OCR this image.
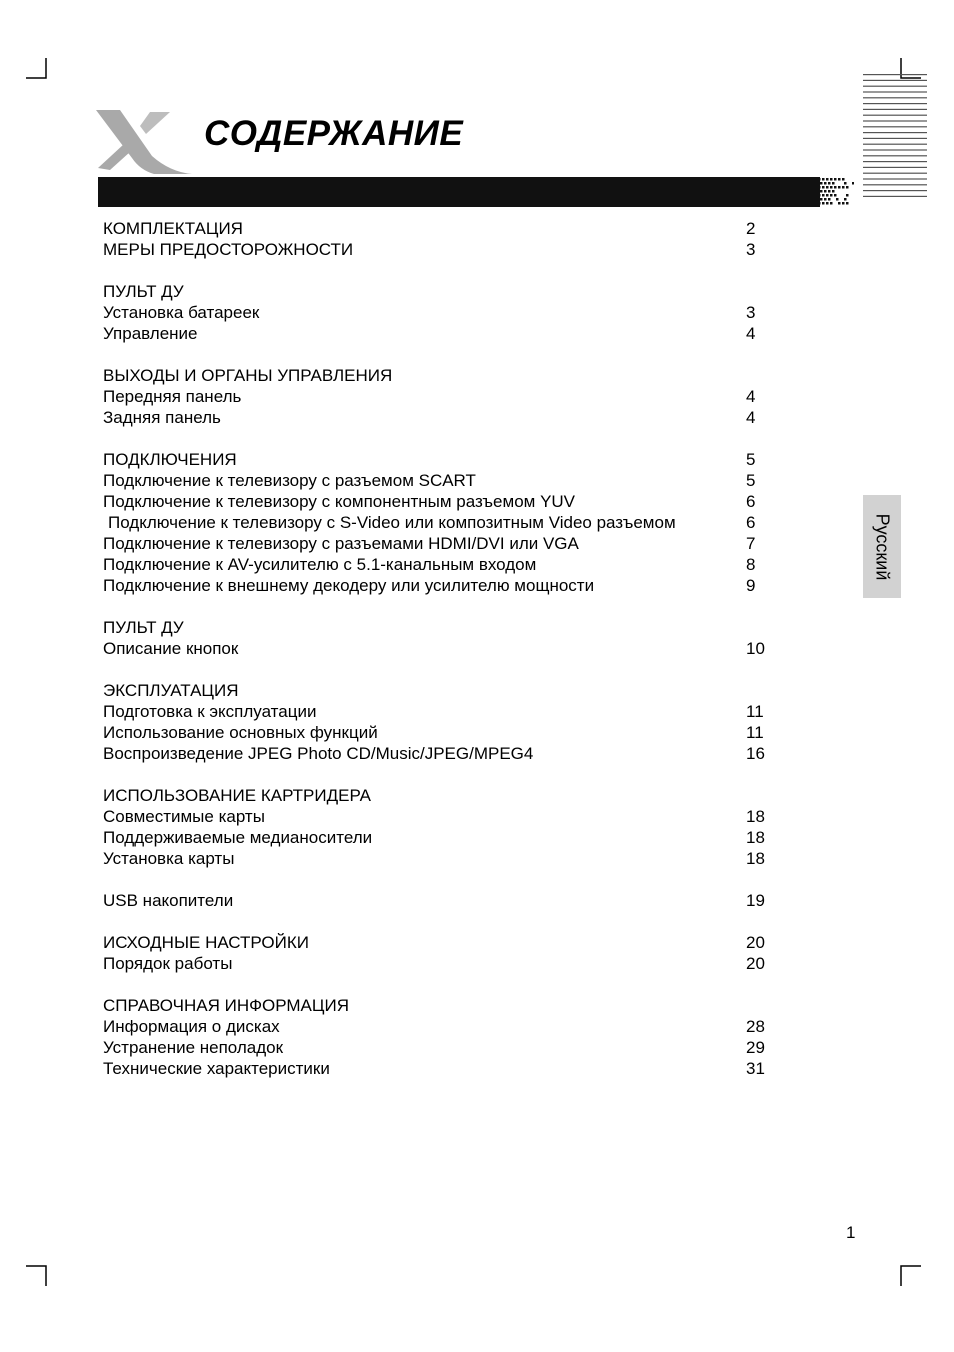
СОДЕРЖАНИЕ
Русский
КОМПЛЕКТАЦИЯ	2
МЕРЫ ПРЕДОСТОРОЖНОСТИ	3
ПУЛЬТ ДУ
Установка батареек	3
Управление	4
ВЫХОДЫ И ОРГАНЫ УПРАВЛЕНИЯ
Передняя панель	4
Задняя панель	4
ПОДКЛЮЧЕНИЯ	5
Подключение к телевизору с разъемом SCART	5
Подключение к телевизору с компонентным разъемом YUV	6
Подключение к телевизору с S-Video или композитным Video разъемом	6
Подключение к телевизору с разъемами HDMI/DVI или VGA	7
Подключение к AV-усилителю с 5.1-канальным входом	8
Подключение к внешнему декодеру или усилителю мощности	9
ПУЛЬТ ДУ
Описание кнопок	10
ЭКСПЛУАТАЦИЯ
Подготовка к эксплуатации	11
Использование основных функций	11
Воспроизведение JPEG Photo CD/Music/JPEG/MPEG4	16
ИСПОЛЬЗОВАНИЕ КАРТРИДЕРА
Совместимые карты	18
Поддерживаемые медианосители	18
Установка карты	18
USB накопители	19
ИСХОДНЫЕ НАСТРОЙКИ	20
Порядок работы	20
СПРАВОЧНАЯ ИНФОРМАЦИЯ
Информация о дисках	28
Устранение неполадок	29
Технические характеристики	31
1
